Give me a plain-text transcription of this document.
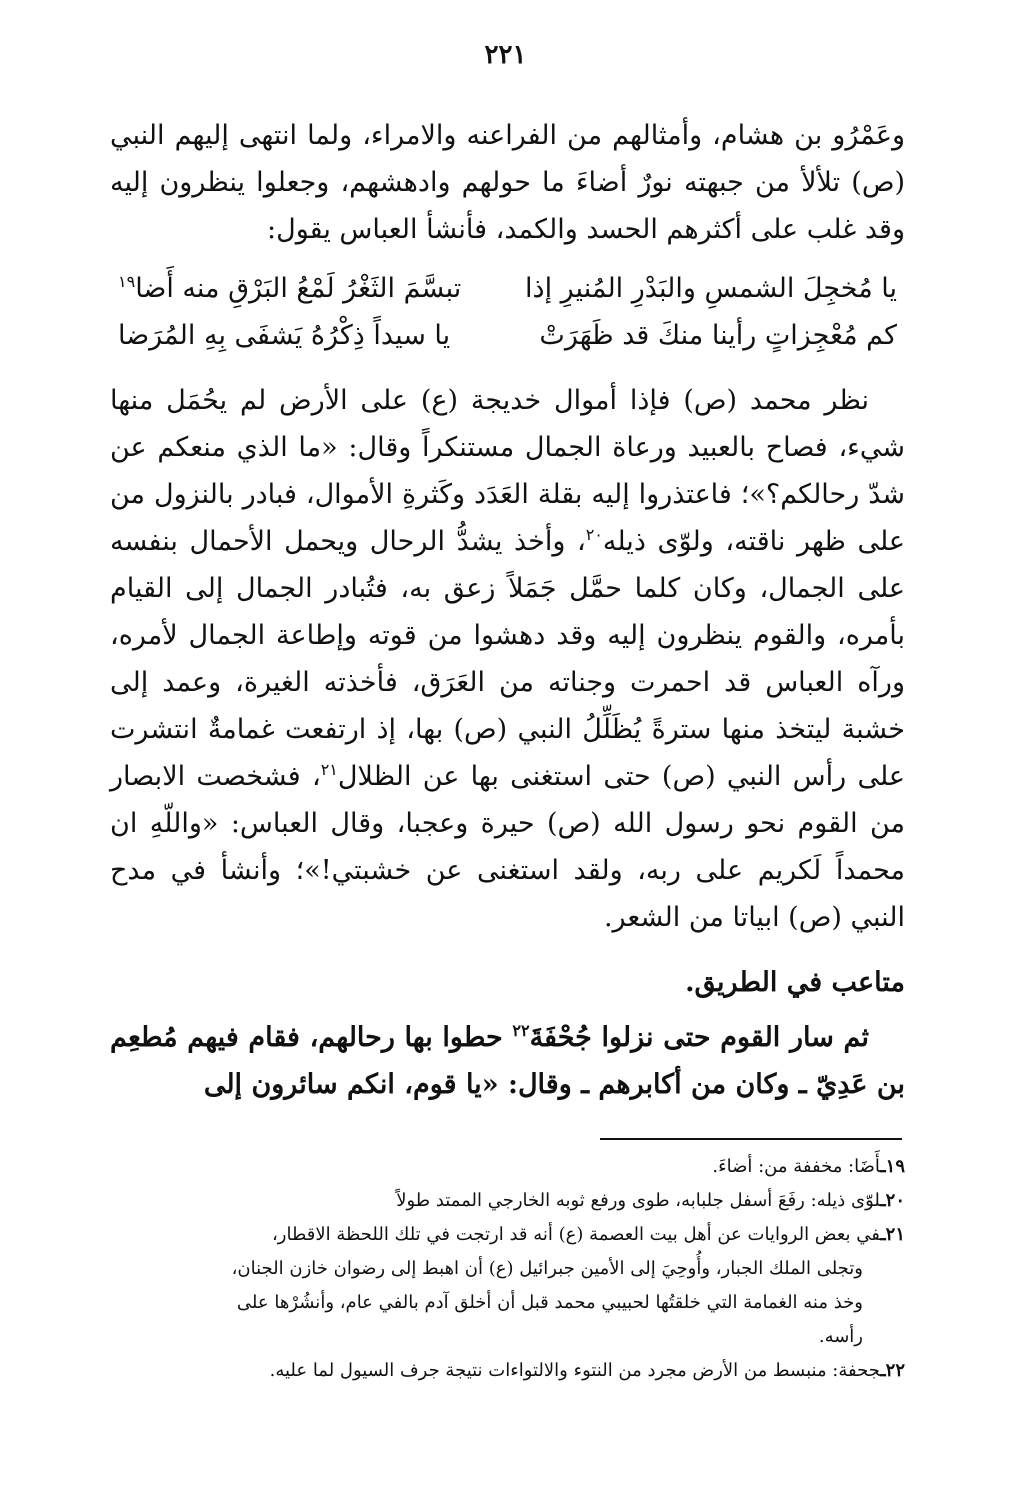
٢٢١

وعَمْرُو بن هشام، وأمثالهم من الفراعنه والامراء، ولما انتهى إليهم النبي (ص) تلألأ من جبهته نورٌ أضاءَ ما حولهم وادهشهم، وجعلوا ينظرون إليه وقد غلب على أكثرهم الحسد والكمد، فأنشأ العباس يقول:

يا مُخجِلَ الشمسِ والبَدْرِ المُنيرِ إذا
تبسَّمَ الثَغْرُ لَمْعُ البَرْقِ منه أَضا$^{١٩}$
كم مُعْجِزاتٍ رأينا منكَ قد ظَهَرَتْ
يا سيداً ذِكْرُهُ يَشفَى بِهِ المُرَضا

نظر محمد (ص) فإذا أموال خديجة (ع) على الأرض لم يحُمَل منها شيء، فصاح بالعبيد ورعاة الجمال مستنكراً وقال: «ما الذي منعكم عن شدّ رحالكم؟»؛ فاعتذروا إليه بقلة العَدَد وكَثرةِ الأموال، فبادر بالنزول من على ظهر ناقته، ولوّى ذيله$^{٢٠}$، وأخذ يشدُّ الرحال ويحمل الأحمال بنفسه على الجمال، وكان كلما حمَّل جَمَلاً زعق به، فتُبادر الجمال إلى القيام بأمره، والقوم ينظرون إليه وقد دهشوا من قوته وإطاعة الجمال لأمره، ورآه العباس قد احمرت وجناته من العَرَق، فأخذته الغيرة، وعمد إلى خشبة ليتخذ منها سترةً يُظَلِّلُ النبي (ص) بها، إذ ارتفعت غمامةٌ انتشرت على رأس النبي (ص) حتى استغنى بها عن الظلال$^{٢١}$، فشخصت الابصار من القوم نحو رسول الله (ص) حيرة وعجبا، وقال العباس: «واللّهِ ان محمداً لَكريم على ربه، ولقد استغنى عن خشبتي!»؛ وأنشأ في مدح النبي (ص) ابياتا من الشعر.

متاعب في الطريق.

ثم سار القوم حتى نزلوا جُحْفَةَ$^{٢٢}$ حطوا بها رحالهم، فقام فيهم مُطعِم بن عَدِيّ ـ وكان من أكابرهم ـ وقال: «يا قوم، انكم سائرون إلى

١٩ـأَضَا: مخففة من: أضاءَ.

٢٠ـلوّى ذيله: رفَعَ أسفل جلبابه، طوى ورفع ثوبه الخارجي الممتد طولاً

٢١ـفي بعض الروايات عن أهل بيت العصمة (ع) أنه قد ارتجت في تلك اللحظة الاقطار،

وتجلى الملك الجبار، وأُوحِيَ إلى الأمين جبرائيل (ع) أن اهبط إلى رضوان خازن الجنان،

وخذ منه الغمامة التي خلقتُها لحبيبي محمد قبل أن أخلق آدم بالفي عام، وأنشُرْها على

رأسه.

٢٢ـجحفة: منبسط من الأرض مجرد من النتوء والالتواءات نتيجة جرف السيول لما عليه.
